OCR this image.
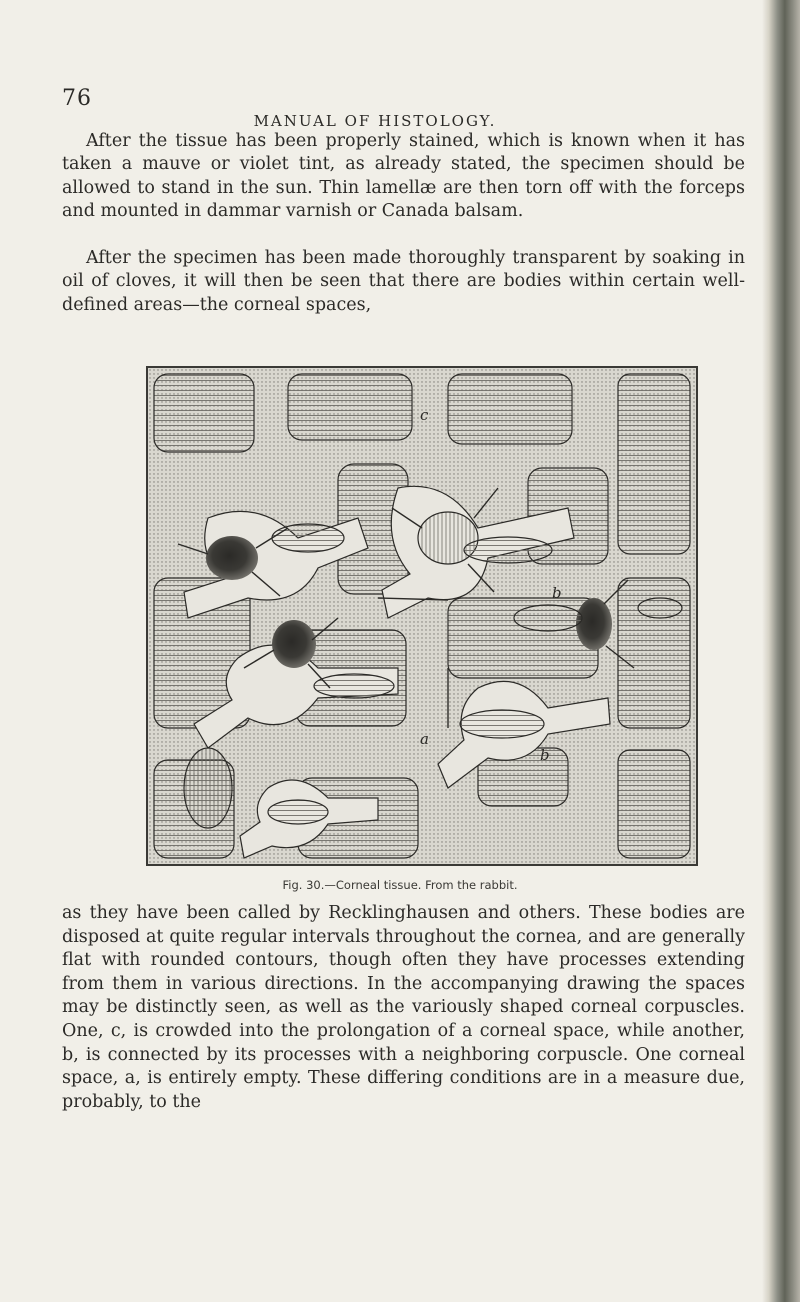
76
MANUAL OF HISTOLOGY.

After the tissue has been properly stained, which is known when it has taken a mauve or violet tint, as already stated, the specimen should be allowed to stand in the sun. Thin lamellæ are then torn off with the forceps and mounted in dammar varnish or Canada balsam.

After the specimen has been made thoroughly transparent by soaking in oil of cloves, it will then be seen that there are bodies within certain well-defined areas—the corneal spaces,

c
b
a
b
Fig. 30.—Corneal tissue. From the rabbit.

as they have been called by Recklinghausen and others. These bodies are disposed at quite regular intervals throughout the cornea, and are generally flat with rounded contours, though often they have processes extending from them in various directions. In the accompanying drawing the spaces may be distinctly seen, as well as the variously shaped corneal corpuscles. One, c, is crowded into the prolongation of a corneal space, while another, b, is connected by its processes with a neighboring corpuscle. One corneal space, a, is entirely empty. These differing conditions are in a measure due, probably, to the
